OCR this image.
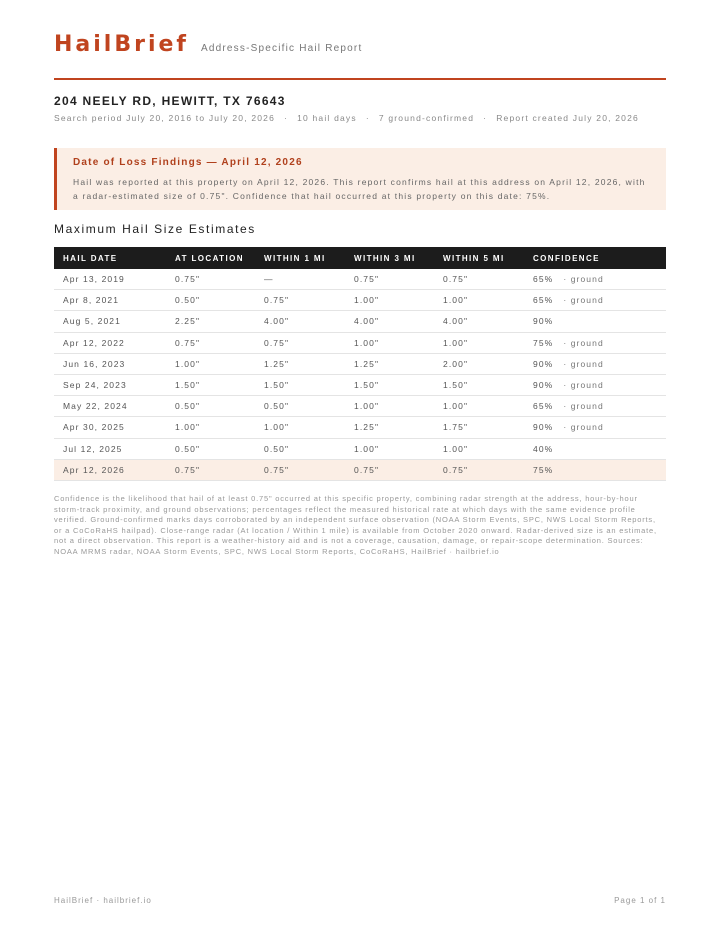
HailBrief Address-Specific Hail Report
204 NEELY RD, HEWITT, TX 76643
Search period July 20, 2016 to July 20, 2026 · 10 hail days · 7 ground-confirmed · Report created July 20, 2026
Date of Loss Findings — April 12, 2026
Hail was reported at this property on April 12, 2026. This report confirms hail at this address on April 12, 2026, with a radar-estimated size of 0.75". Confidence that hail occurred at this property on this date: 75%.
Maximum Hail Size Estimates
HAIL DATE	AT LOCATION	WITHIN 1 MI	WITHIN 3 MI	WITHIN 5 MI	CONFIDENCE
Apr 13, 2019	0.75"	—	0.75"	0.75"	65% · ground
Apr 8, 2021	0.50"	0.75"	1.00"	1.00"	65% · ground
Aug 5, 2021	2.25"	4.00"	4.00"	4.00"	90%
Apr 12, 2022	0.75"	0.75"	1.00"	1.00"	75% · ground
Jun 16, 2023	1.00"	1.25"	1.25"	2.00"	90% · ground
Sep 24, 2023	1.50"	1.50"	1.50"	1.50"	90% · ground
May 22, 2024	0.50"	0.50"	1.00"	1.00"	65% · ground
Apr 30, 2025	1.00"	1.00"	1.25"	1.75"	90% · ground
Jul 12, 2025	0.50"	0.50"	1.00"	1.00"	40%
Apr 12, 2026	0.75"	0.75"	0.75"	0.75"	75%
Confidence is the likelihood that hail of at least 0.75" occurred at this specific property, combining radar strength at the address, hour-by-hour storm-track proximity, and ground observations; percentages reflect the measured historical rate at which days with the same evidence profile verified. Ground-confirmed marks days corroborated by an independent surface observation (NOAA Storm Events, SPC, NWS Local Storm Reports, or a CoCoRaHS hailpad). Close-range radar (At location / Within 1 mile) is available from October 2020 onward. Radar-derived size is an estimate, not a direct observation. This report is a weather-history aid and is not a coverage, causation, damage, or repair-scope determination. Sources: NOAA MRMS radar, NOAA Storm Events, SPC, NWS Local Storm Reports, CoCoRaHS, HailBrief · hailbrief.io
HailBrief · hailbrief.io	Page 1 of 1
